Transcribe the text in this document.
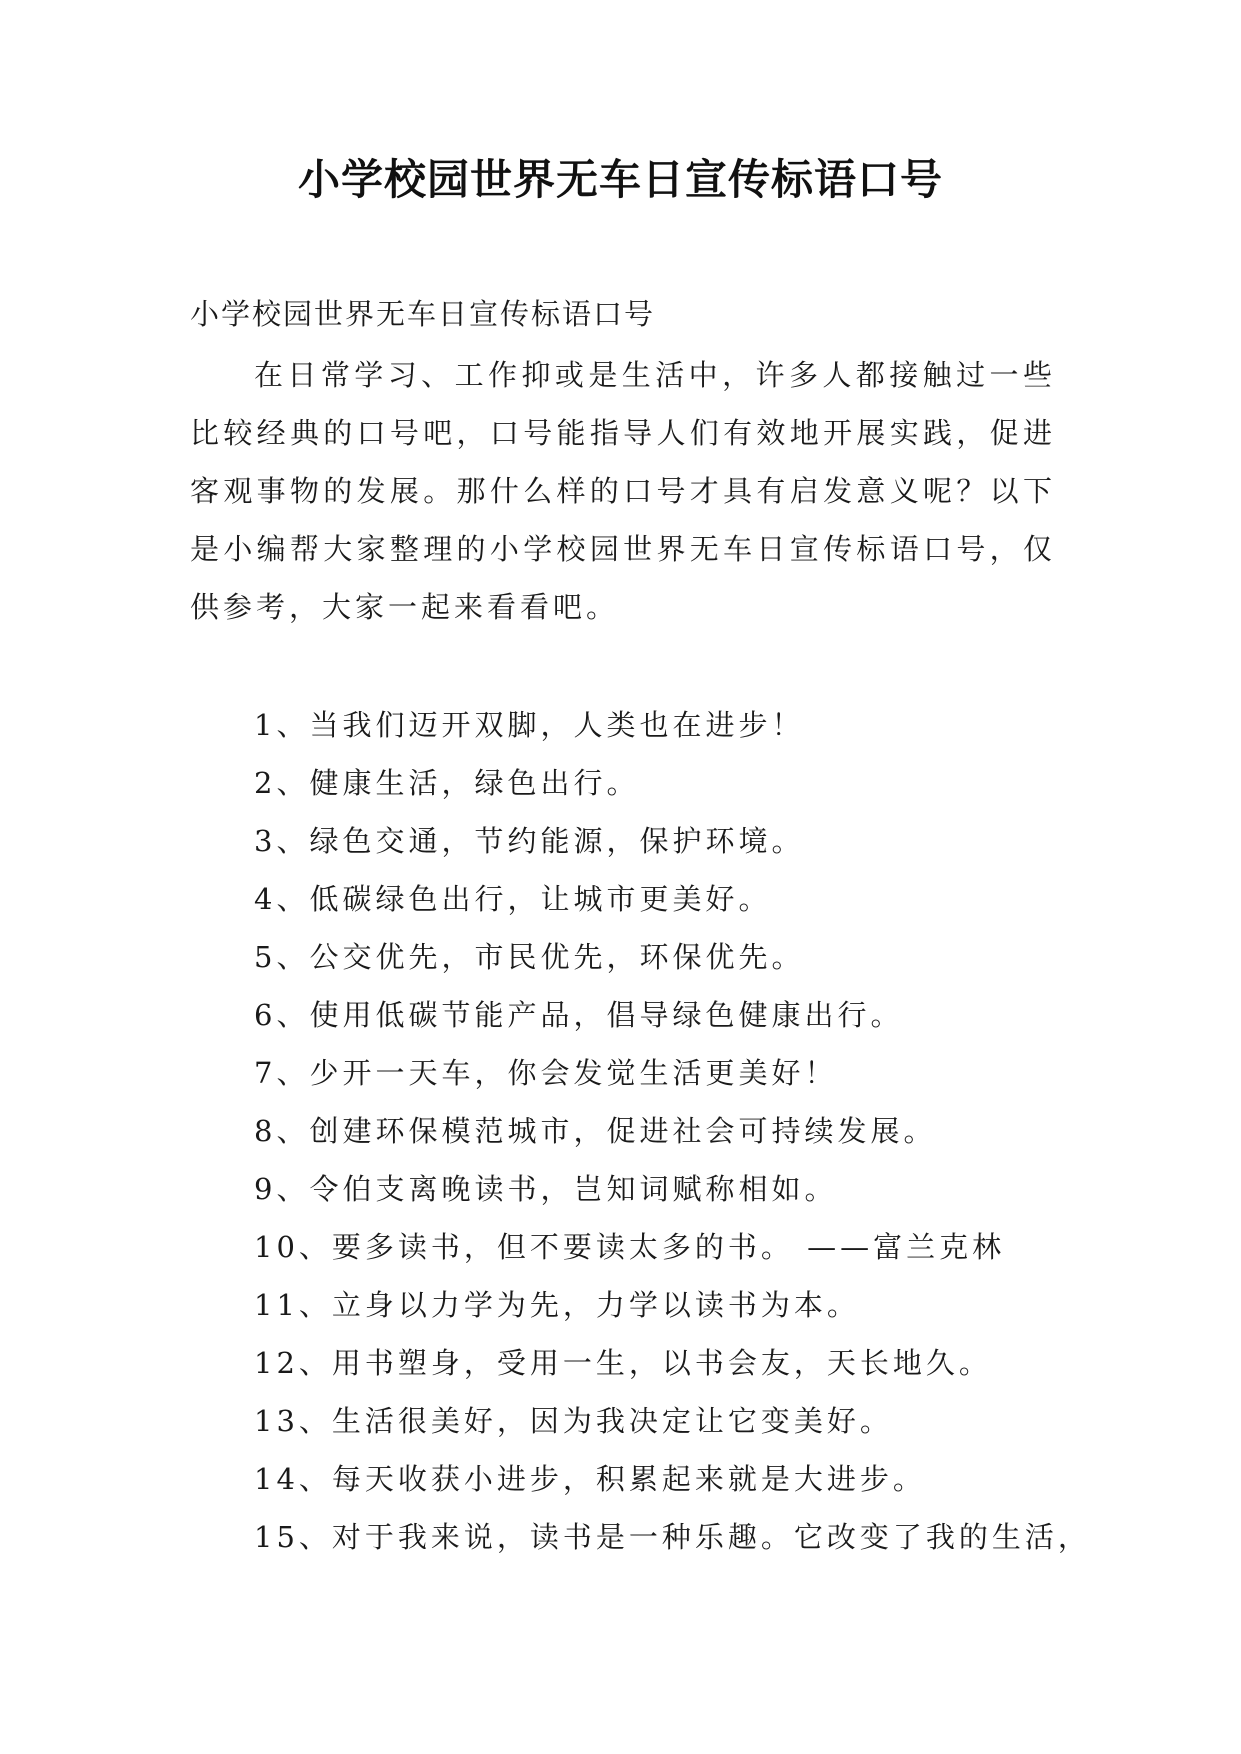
小学校园世界无车日宣传标语口号
小学校园世界无车日宣传标语口号

在日常学习、工作抑或是生活中，许多人都接触过一些比较经典的口号吧，口号能指导人们有效地开展实践，促进客观事物的发展。那什么样的口号才具有启发意义呢？以下是小编帮大家整理的小学校园世界无车日宣传标语口号，仅供参考，大家一起来看看吧。

1、当我们迈开双脚，人类也在进步！
2、健康生活，绿色出行。
3、绿色交通，节约能源，保护环境。
4、低碳绿色出行，让城市更美好。
5、公交优先，市民优先，环保优先。
6、使用低碳节能产品，倡导绿色健康出行。
7、少开一天车，你会发觉生活更美好！
8、创建环保模范城市，促进社会可持续发展。
9、令伯支离晚读书，岂知词赋称相如。
10、要多读书，但不要读太多的书。 ——富兰克林
11、立身以力学为先，力学以读书为本。
12、用书塑身，受用一生，以书会友，天长地久。
13、生活很美好，因为我决定让它变美好。
14、每天收获小进步，积累起来就是大进步。
15、对于我来说，读书是一种乐趣。它改变了我的生活，
